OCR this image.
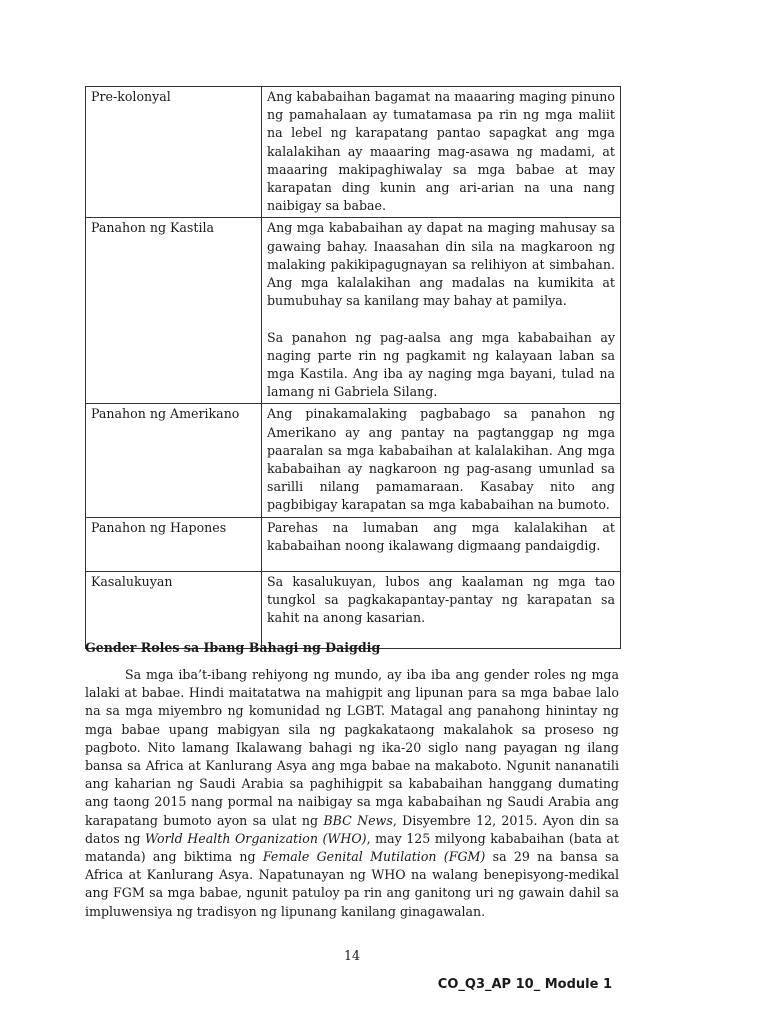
Pre-kolonyal	Ang kababaihan bagamat na maaaring maging pinuno ng pamahalaan ay tumatamasa pa rin ng mga maliit na lebel ng karapatang pantao sapagkat ang mga kalalakihan ay maaaring mag-asawa ng madami, at maaaring makipaghiwalay sa mga babae at may karapatan ding kunin ang ari-arian na una nang naibigay sa babae.
Panahon ng Kastila	Ang mga kababaihan ay dapat na maging mahusay sa gawaing bahay. Inaasahan din sila na magkaroon ng malaking pakikipagugnayan sa relihiyon at simbahan. Ang mga kalalakihan ang madalas na kumikita at bumubuhay sa kanilang may bahay at pamilya.
Sa panahon ng pag-aalsa ang mga kababaihan ay naging parte rin ng pagkamit ng kalayaan laban sa mga Kastila. Ang iba ay naging mga bayani, tulad na lamang ni Gabriela Silang.
Panahon ng Amerikano	Ang pinakamalaking pagbabago sa panahon ng Amerikano ay ang pantay na pagtanggap ng mga paaralan sa mga kababaihan at kalalakihan. Ang mga kababaihan ay nagkaroon ng pag-asang umunlad sa sarilli nilang pamamaraan. Kasabay nito ang pagbibigay karapatan sa mga kababaihan na bumoto.
Panahon ng Hapones	Parehas na lumaban ang mga kalalakihan at kababaihan noong ikalawang digmaang pandaigdig.

Kasalukuyan	Sa kasalukuyan, lubos ang kaalaman ng mga tao tungkol sa pagkakapantay-pantay ng karapatan sa kahit na anong kasarian.
Gender Roles sa Ibang Bahagi ng Daigdig

Sa mga iba’t-ibang rehiyong ng mundo, ay iba iba ang gender roles ng mga lalaki at babae. Hindi maitatatwa na mahigpit ang lipunan para sa mga babae lalo na sa mga miyembro ng komunidad ng LGBT. Matagal ang panahong hinintay ng mga babae upang mabigyan sila ng pagkakataong makalahok sa proseso ng pagboto. Nito lamang Ikalawang bahagi ng ika-20 siglo nang payagan ng ilang bansa sa Africa at Kanlurang Asya ang mga babae na makaboto. Ngunit nananatili ang kaharian ng Saudi Arabia sa paghihigpit sa kababaihan hanggang dumating ang taong 2015 nang pormal na naibigay sa mga kababaihan ng Saudi Arabia ang karapatang bumoto ayon sa ulat ng BBC News, Disyembre 12, 2015. Ayon din sa datos ng World Health Organization (WHO), may 125 milyong kababaihan (bata at matanda) ang biktima ng Female Genital Mutilation (FGM) sa 29 na bansa sa Africa at Kanlurang Asya. Napatunayan ng WHO na walang benepisyong-medikal ang FGM sa mga babae, ngunit patuloy pa rin ang ganitong uri ng gawain dahil sa impluwensiya ng tradisyon ng lipunang kanilang ginagawalan.

14
CO_Q3_AP 10_ Module 1
